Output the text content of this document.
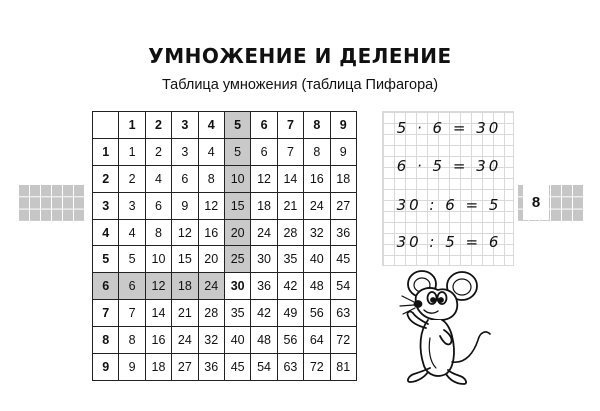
УМНОЖЕНИЕ И ДЕЛЕНИЕ
Таблица умножения (таблица Пифагора)
	1	2	3	4	5	6	7	8	9
1	1	2	3	4	5	6	7	8	9
2	2	4	6	8	10	12	14	16	18
3	3	6	9	12	15	18	21	24	27
4	4	8	12	16	20	24	28	32	36
5	5	10	15	20	25	30	35	40	45
6	6	12	18	24	30	36	42	48	54
7	7	14	21	28	35	42	49	56	63
8	8	16	24	32	40	48	56	64	72
9	9	18	27	36	45	54	63	72	81
8
5 · 6 = 30
6 · 5 = 30
30 : 6 = 5
30 : 5 = 6
